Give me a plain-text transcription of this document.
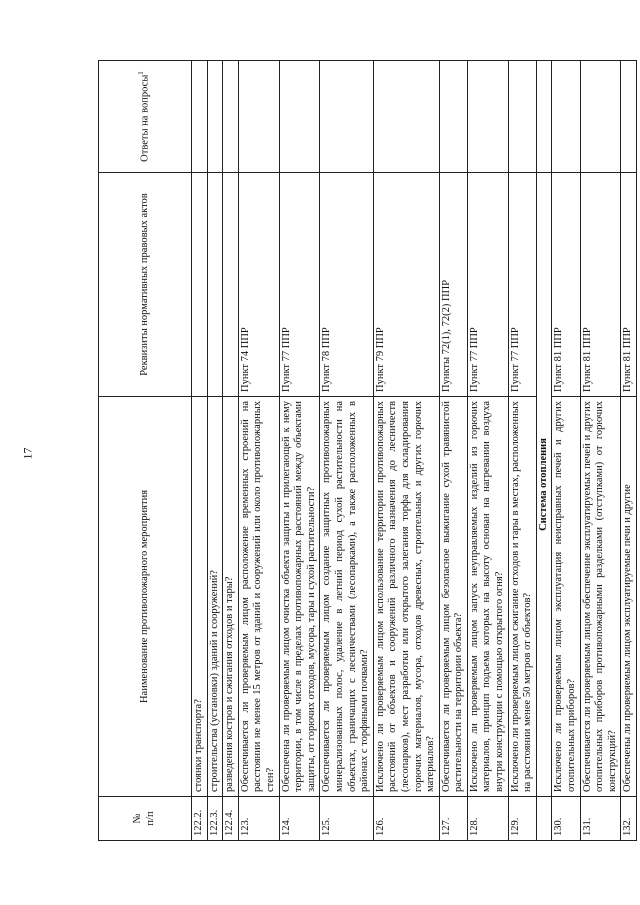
17
№
п/п	Наименование противопожарного мероприятия	Реквизиты нормативных правовых актов	Ответы на вопросы$^1$
122.2.	стоянки транспорта?		
122.3.	строительства (установки) зданий и сооружений?		
122.4.	разведения костров и сжигания отходов и тары?		
123.	Обеспечивается ли проверяемым лицом расположение временных строений на расстоянии не менее 15 метров от зданий и сооружений или около противопожарных стен?	Пункт 74 ППР	
124.	Обеспечена ли проверяемым лицом очистка объекта защиты и прилегающей к нему территории, в том числе в пределах противопожарных расстояний между объектами защиты, от горючих отходов, мусора, тары и сухой растительности?	Пункт 77 ППР	
125.	Обеспечивается ли проверяемым лицом создание защитных противопожарных минерализованных полос, удаление в летний период сухой растительности на объектах, граничащих с лесничествами (лесопарками), а также расположенных в районах с торфяными почвами?	Пункт 78 ППР	
126.	Исключено ли проверяемым лицом использование территории противопожарных расстояний от объектов и сооружений различного назначения до лесничеств (лесопарков), мест разработки или открытого залегания торфа для складирования горючих материалов, мусора, отходов древесных, строительных и других горючих материалов?	Пункт 79 ППР	
127.	Обеспечивается ли проверяемым лицом безопасное выжигание сухой травянистой растительности на территории объекта?	Пункты 72(1), 72(2) ППР	
128.	Исключено ли проверяемым лицом запуск неуправляемых изделий из горючих материалов, принцип подъема которых на высоту основан на нагревании воздуха внутри конструкции с помощью открытого огня?	Пункт 77 ППР	
129.	Исключено ли проверяемым лицом сжигание отходов и тары в местах, расположенных на расстоянии менее 50 метров от объектов?	Пункт 77 ППР	
	Система отопления		
130.	Исключено ли проверяемым лицом эксплуатация неисправных печей и других отопительных приборов?	Пункт 81 ППР	
131.	Обеспечивается ли проверяемым лицом обеспечение эксплуатируемых печей и других отопительных приборов противопожарными разделками (отступками) от горючих конструкций?	Пункт 81 ППР	
132.	Обеспечены ли проверяемым лицом эксплуатируемые печи и другие	Пункт 81 ППР	
